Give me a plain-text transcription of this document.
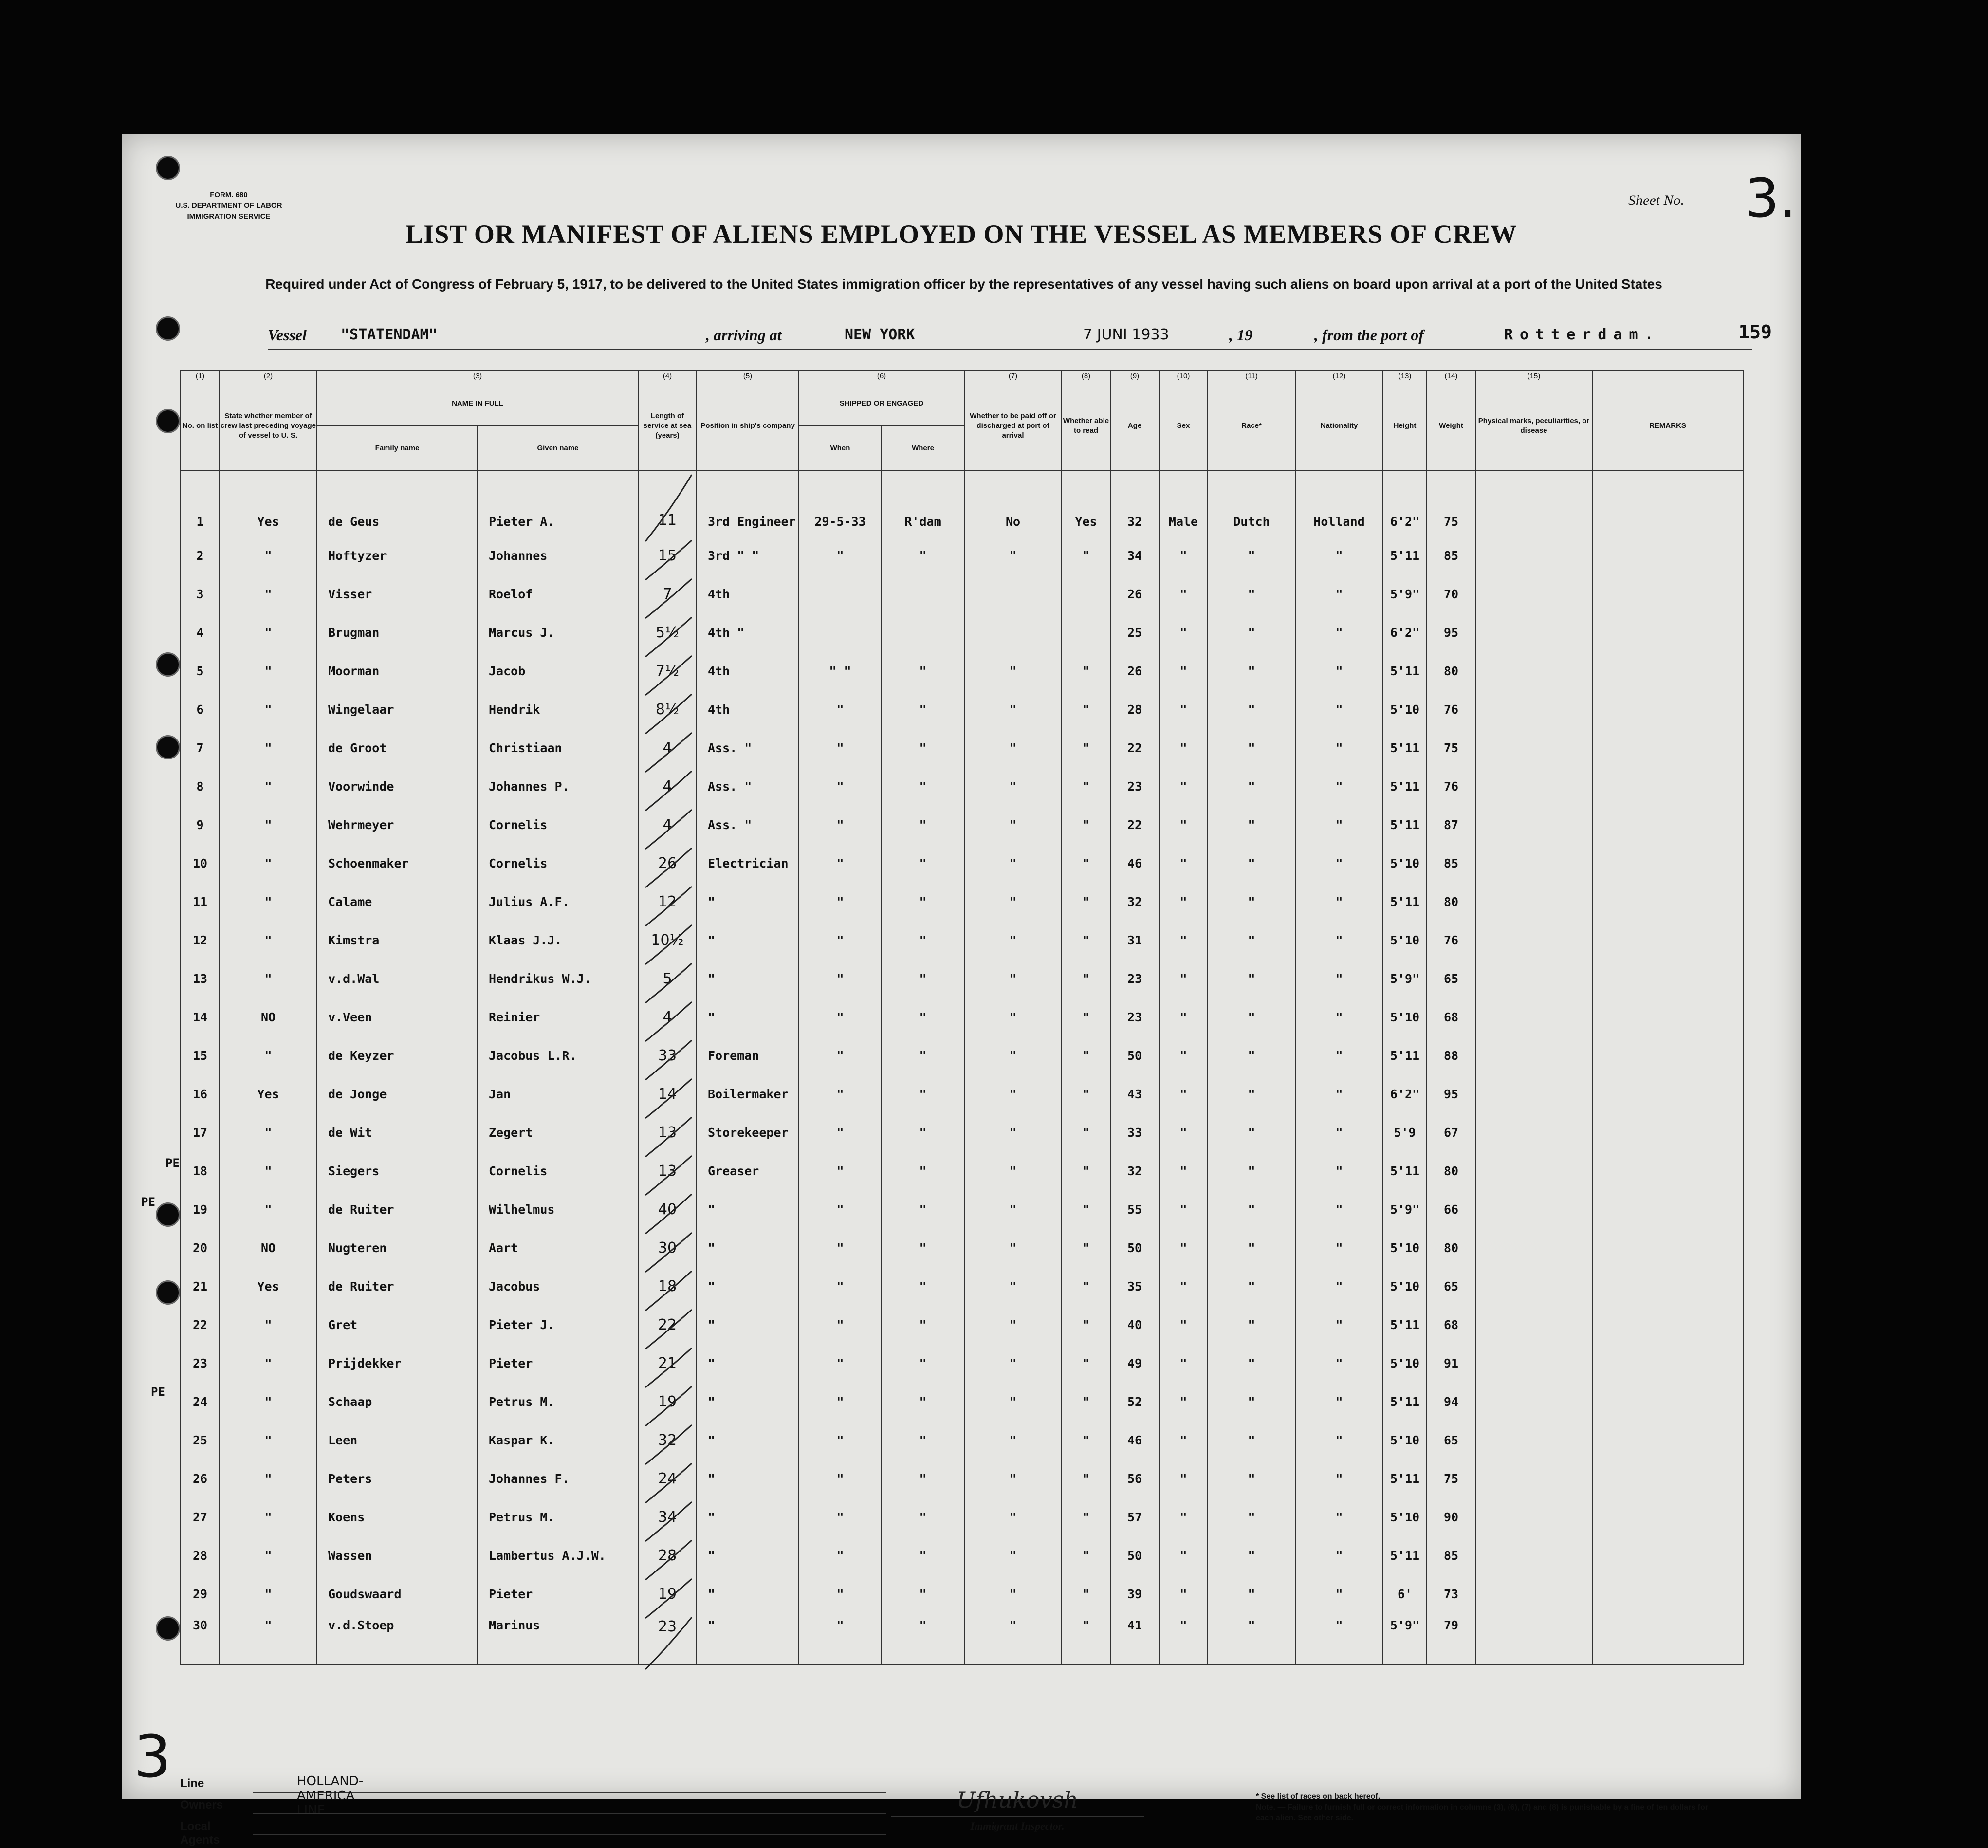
FORM. 680
U.S. DEPARTMENT OF LABOR
IMMIGRATION SERVICE
Sheet No. 3.
159
LIST OR MANIFEST OF ALIENS EMPLOYED ON THE VESSEL AS MEMBERS OF CREW
Required under Act of Congress of February 5, 1917, to be delivered to the United States immigration officer by the representatives of any vessel having such aliens on board upon arrival at a port of the United States
Vessel "STATENDAM"	, arriving at	NEW YORK	7 JUNI 1933	, 19	, from the port of	Rotterdam.
(1)	(2)	(3)		(4)	(5)	(6)		(7)	(8)	(9)	(10)	(11)	(12)	(13)	(14)	(15)	
No. on list	State whether member of crew last preceding voyage of vessel to U. S.	NAME IN FULL		Length of service at sea (years)	Position in ship's company	SHIPPED OR ENGAGED		Whether to be paid off or discharged at port of arrival	Whether able to read	Age	Sex	Race*	Nationality	Height	Weight	Physical marks, peculiarities, or disease	REMARKS
		Family name	Given name			When	Where										
1	Yes	de Geus	Pieter A.	11	3rd Engineer	29-5-33	R'dam	No	Yes	32	Male	Dutch	Holland	6'2"	75		
2	"	Hoftyzer	Johannes	15	3rd " "	"	"	"	"	34	"	"	"	5'11	85		
3	"	Visser	Roelof	7	4th					26	"	"	"	5'9"	70		
4	"	Brugman	Marcus J.	5½	4th "					25	"	"	"	6'2"	95		
5	"	Moorman	Jacob	7½	4th	" "	"	"	"	26	"	"	"	5'11	80		
6	"	Wingelaar	Hendrik	8½	4th	"	"	"	"	28	"	"	"	5'10	76		
7	"	de Groot	Christiaan	4	Ass. "	"	"	"	"	22	"	"	"	5'11	75		
8	"	Voorwinde	Johannes P.	4	Ass. "	"	"	"	"	23	"	"	"	5'11	76		
9	"	Wehrmeyer	Cornelis	4	Ass. "	"	"	"	"	22	"	"	"	5'11	87		
10	"	Schoenmaker	Cornelis	26	Electrician	"	"	"	"	46	"	"	"	5'10	85		
11	"	Calame	Julius A.F.	12	"	"	"	"	"	32	"	"	"	5'11	80		
12	"	Kimstra	Klaas J.J.	10½	"	"	"	"	"	31	"	"	"	5'10	76		
13	"	v.d.Wal	Hendrikus W.J.	5	"	"	"	"	"	23	"	"	"	5'9"	65		
14	NO	v.Veen	Reinier	4	"	"	"	"	"	23	"	"	"	5'10	68		
15	"	de Keyzer	Jacobus L.R.	33	Foreman	"	"	"	"	50	"	"	"	5'11	88		
16	Yes	de Jonge	Jan	14	Boilermaker	"	"	"	"	43	"	"	"	6'2"	95		
17	"	de Wit	Zegert	13	Storekeeper	"	"	"	"	33	"	"	"	5'9	67		
18	"	Siegers	Cornelis	13	Greaser	"	"	"	"	32	"	"	"	5'11	80		
19	"	de Ruiter	Wilhelmus	40	"	"	"	"	"	55	"	"	"	5'9"	66		
20	NO	Nugteren	Aart	30	"	"	"	"	"	50	"	"	"	5'10	80		
21	Yes	de Ruiter	Jacobus	18	"	"	"	"	"	35	"	"	"	5'10	65		
22	"	Gret	Pieter J.	22	"	"	"	"	"	40	"	"	"	5'11	68		
23	"	Prijdekker	Pieter	21	"	"	"	"	"	49	"	"	"	5'10	91		
24	"	Schaap	Petrus M.	19	"	"	"	"	"	52	"	"	"	5'11	94		
25	"	Leen	Kaspar K.	32	"	"	"	"	"	46	"	"	"	5'10	65		
26	"	Peters	Johannes F.	24	"	"	"	"	"	56	"	"	"	5'11	75		
27	"	Koens	Petrus M.	34	"	"	"	"	"	57	"	"	"	5'10	90		
28	"	Wassen	Lambertus A.J.W.	28	"	"	"	"	"	50	"	"	"	5'11	85		
29	"	Goudswaard	Pieter	19	"	"	"	"	"	39	"	"	"	6'	73		
30	"	v.d.Stoep	Marinus	23	"	"	"	"	"	41	"	"	"	5'9"	79		
PE
PE
PE
3 Line	HOLLAND-AMERICA LINE
Owners
Local Agents
Ufhukovsh
Immigrant Inspector.
* See list of races on back hereof.
Note. — Failure to furnish full or correct information in columns (3), (6), (7) and (8) is punishable by a fine of ten dollars for each alien. See other side.
